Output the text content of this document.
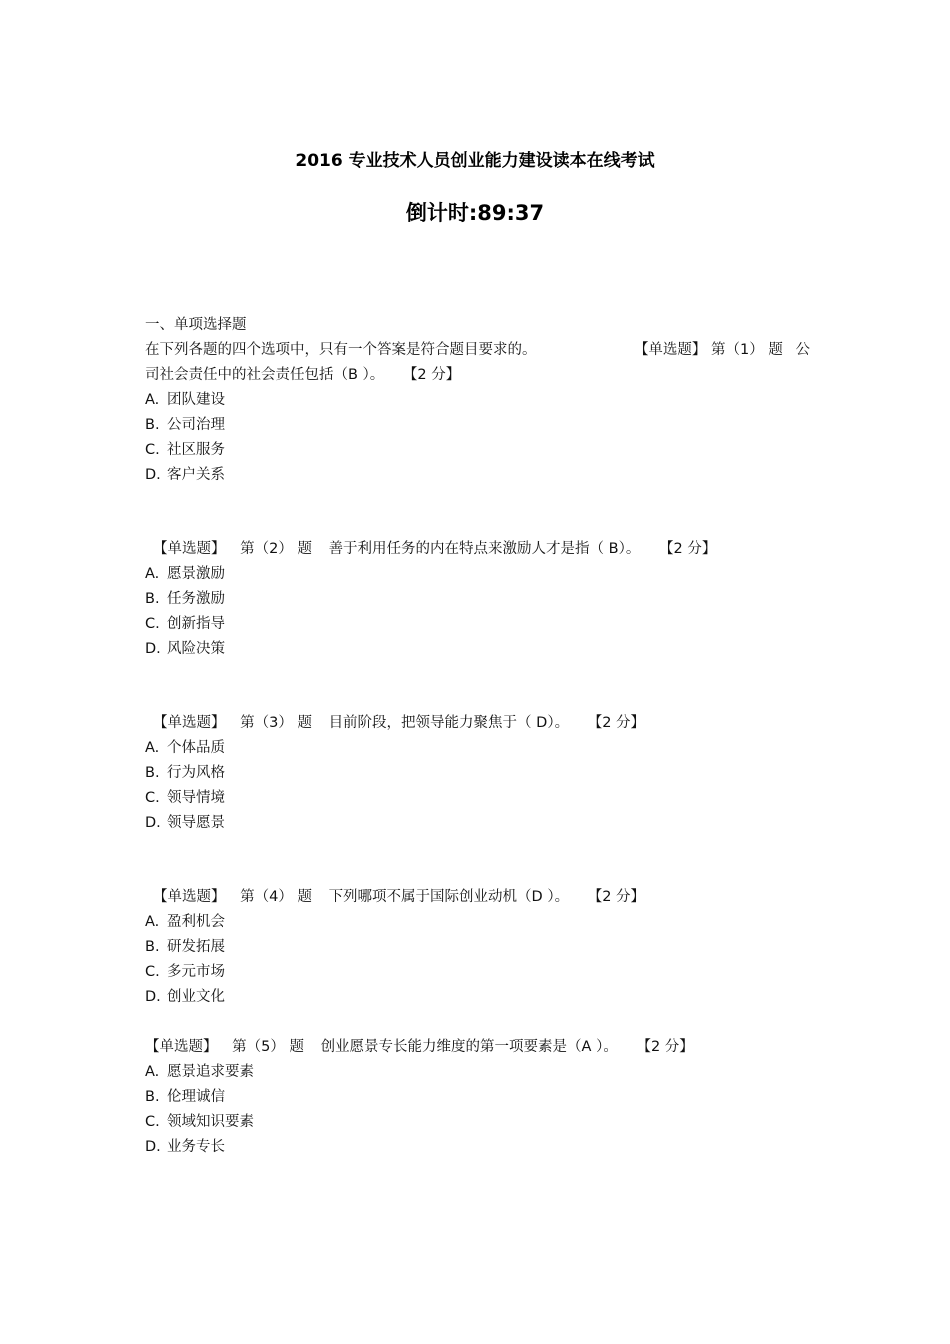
2016 专业技术人员创业能力建设读本在线考试
倒计时:89:37
一、单项选择题
在下列各题的四个选项中，只有一个答案是符合题目要求的。	【单选题】 第（1） 题 公
司社会责任中的社会责任包括（B ）。 【2 分】
A. 团队建设
B. 公司治理
C. 社区服务
D. 客户关系
【单选题】 第（2） 题 善于利用任务的内在特点来激励人才是指（ B）。 【2 分】
A. 愿景激励
B. 任务激励
C. 创新指导
D. 风险决策
【单选题】 第（3） 题 目前阶段，把领导能力聚焦于（ D）。 【2 分】
A. 个体品质
B. 行为风格
C. 领导情境
D. 领导愿景
【单选题】 第（4） 题 下列哪项不属于国际创业动机（D ）。 【2 分】
A. 盈利机会
B. 研发拓展
C. 多元市场
D. 创业文化
【单选题】 第（5） 题 创业愿景专长能力维度的第一项要素是（A ）。 【2 分】
A. 愿景追求要素
B. 伦理诚信
C. 领域知识要素
D. 业务专长
